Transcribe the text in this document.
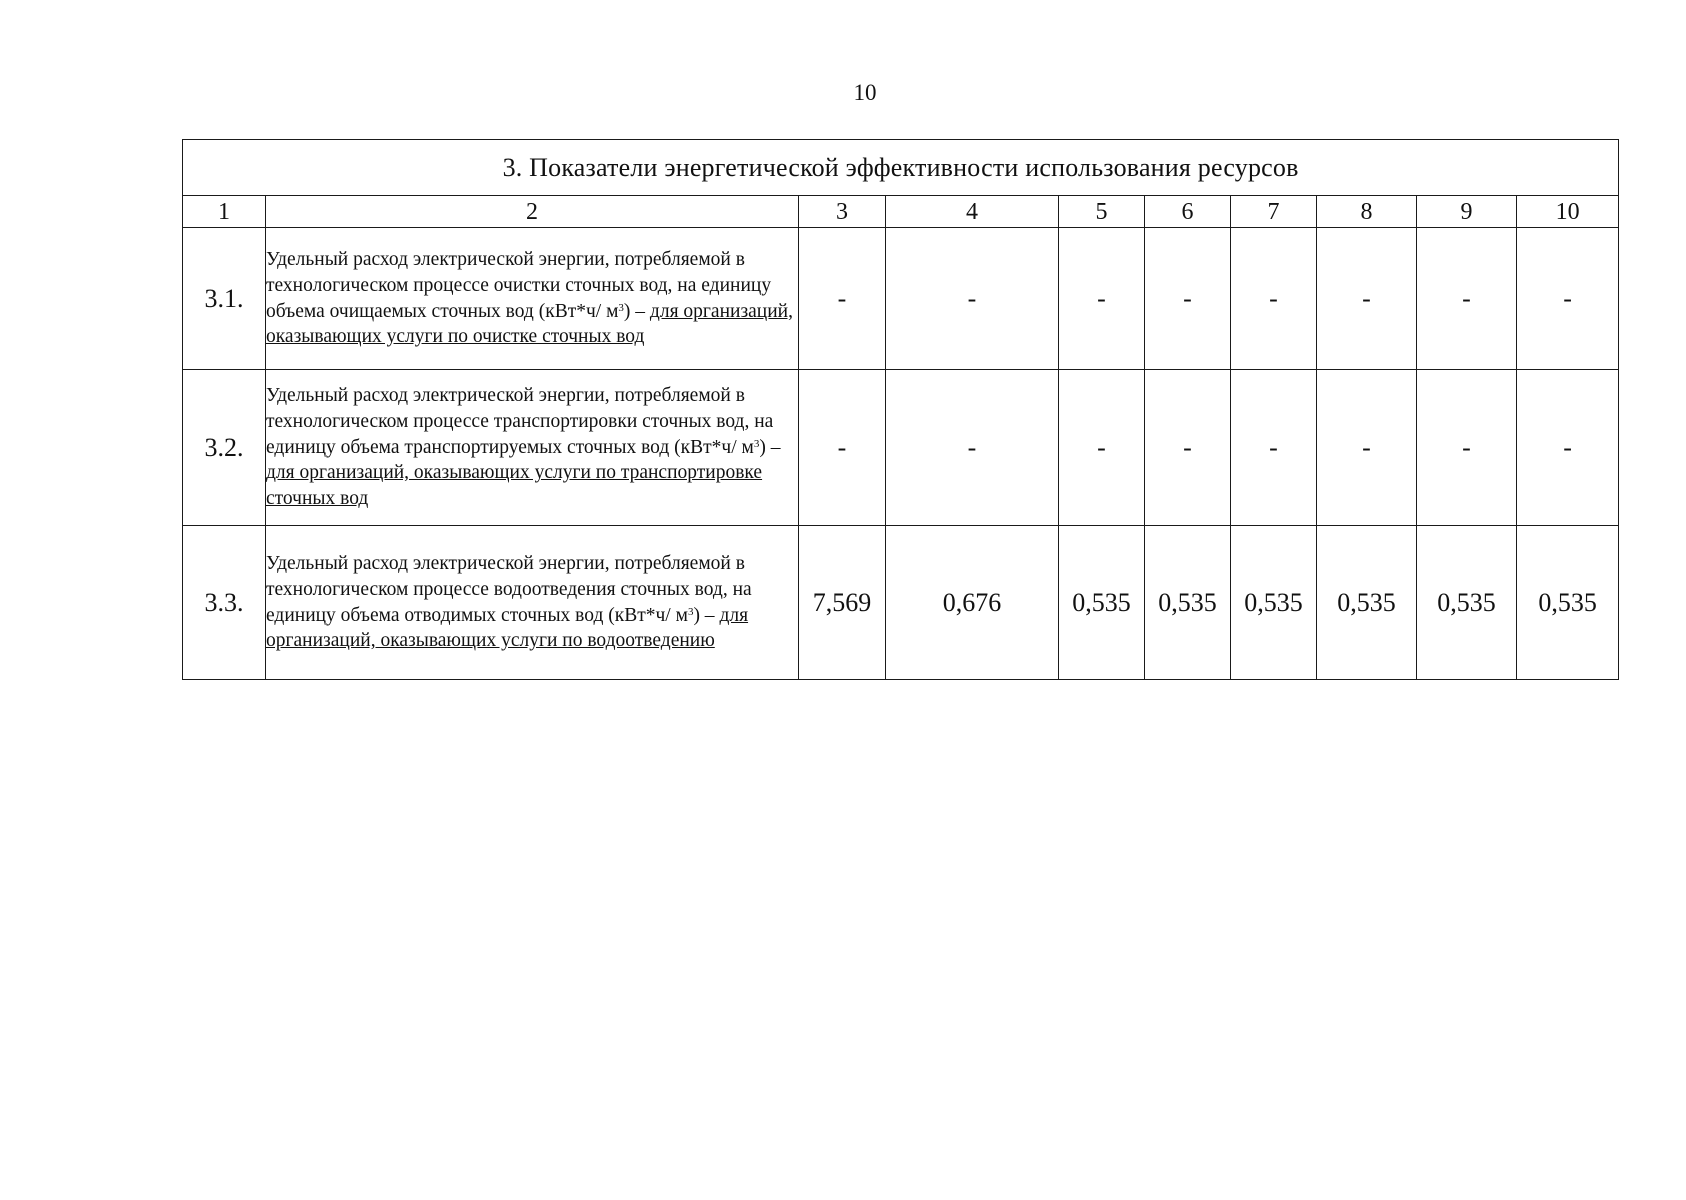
10
3. Показатели энергетической эффективности использования ресурсов									
1	2	3	4	5	6	7	8	9	10
3.1.	Удельный расход электрической энергии, потребляемой в технологическом процессе очистки сточных вод, на единицу объема очищаемых сточных вод (кВт*ч/ $м^3$) – для организаций, оказывающих услуги по очистке сточных вод	-	-	-	-	-	-	-	-
3.2.	Удельный расход электрической энергии, потребляемой в технологическом процессе транспортировки сточных вод, на единицу объема транспортируемых сточных вод (кВт*ч/ $м^3$) – для организаций, оказывающих услуги по транспортировке сточных вод	-	-	-	-	-	-	-	-
3.3.	Удельный расход электрической энергии, потребляемой в технологическом процессе водоотведения сточных вод, на единицу объема отводимых сточных вод (кВт*ч/ $м^3$) – для организаций, оказывающих услуги по водоотведению	7,569	0,676	0,535	0,535	0,535	0,535	0,535	0,535
